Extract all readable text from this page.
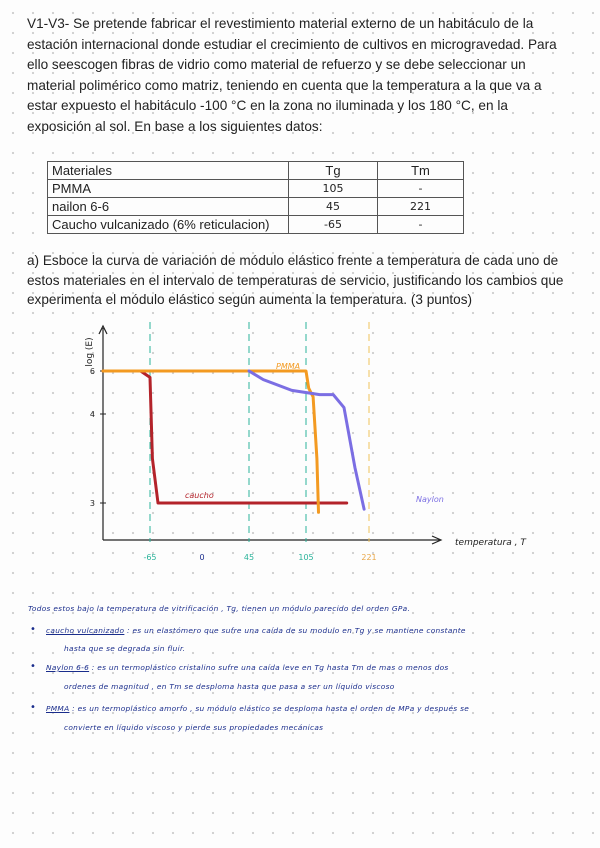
V1-V3- Se pretende fabricar el revestimiento material externo de un habitáculo de la estación internacional donde estudiar el crecimiento de cultivos en microgravedad. Para ello seescogen fibras de vidrio como material de refuerzo y se debe seleccionar un material polimérico como matriz, teniendo en cuenta que la temperatura a la que va a estar expuesto el habitáculo -100 °C en la zona no iluminada y los 180 °C, en la exposición al sol. En base a los siguientes datos:

Materiales	Tg	Tm
PMMA	105	-
nailon 6-6	45	221
Caucho vulcanizado (6% reticulacion)	-65	-

a) Esboce la curva de variación de módulo elástico frente a temperatura de cada uno de estos materiales en el intervalo de temperaturas de servicio, justificando los cambios que experimenta el módulo elástico según aumenta la temperatura. (3 puntos)

log (E)
temperatura , T
6
4
3
-65	0	45	105	221
PMMA
caucho	Naylon

Todos estos bajo la temperatura de vitrificación , Tg, tienen un módulo parecido del orden GPa.

• caucho vulcanizado : es un elastómero que sufre una caída de su modulo en Tg y se mantiene constante

hasta que se degrada sin fluir.

• Naylon 6-6 : es un termoplástico cristalino sufre una caída leve en Tg hasta Tm de mas o menos dos

ordenes de magnitud , en Tm se desploma hasta que pasa a ser un líquido viscoso

• PMMA : es un termoplástico amorfo , su módulo elástico se desploma hasta el orden de MPa y después se

convierte en líquido viscoso y pierde sus propiedades mecánicas
